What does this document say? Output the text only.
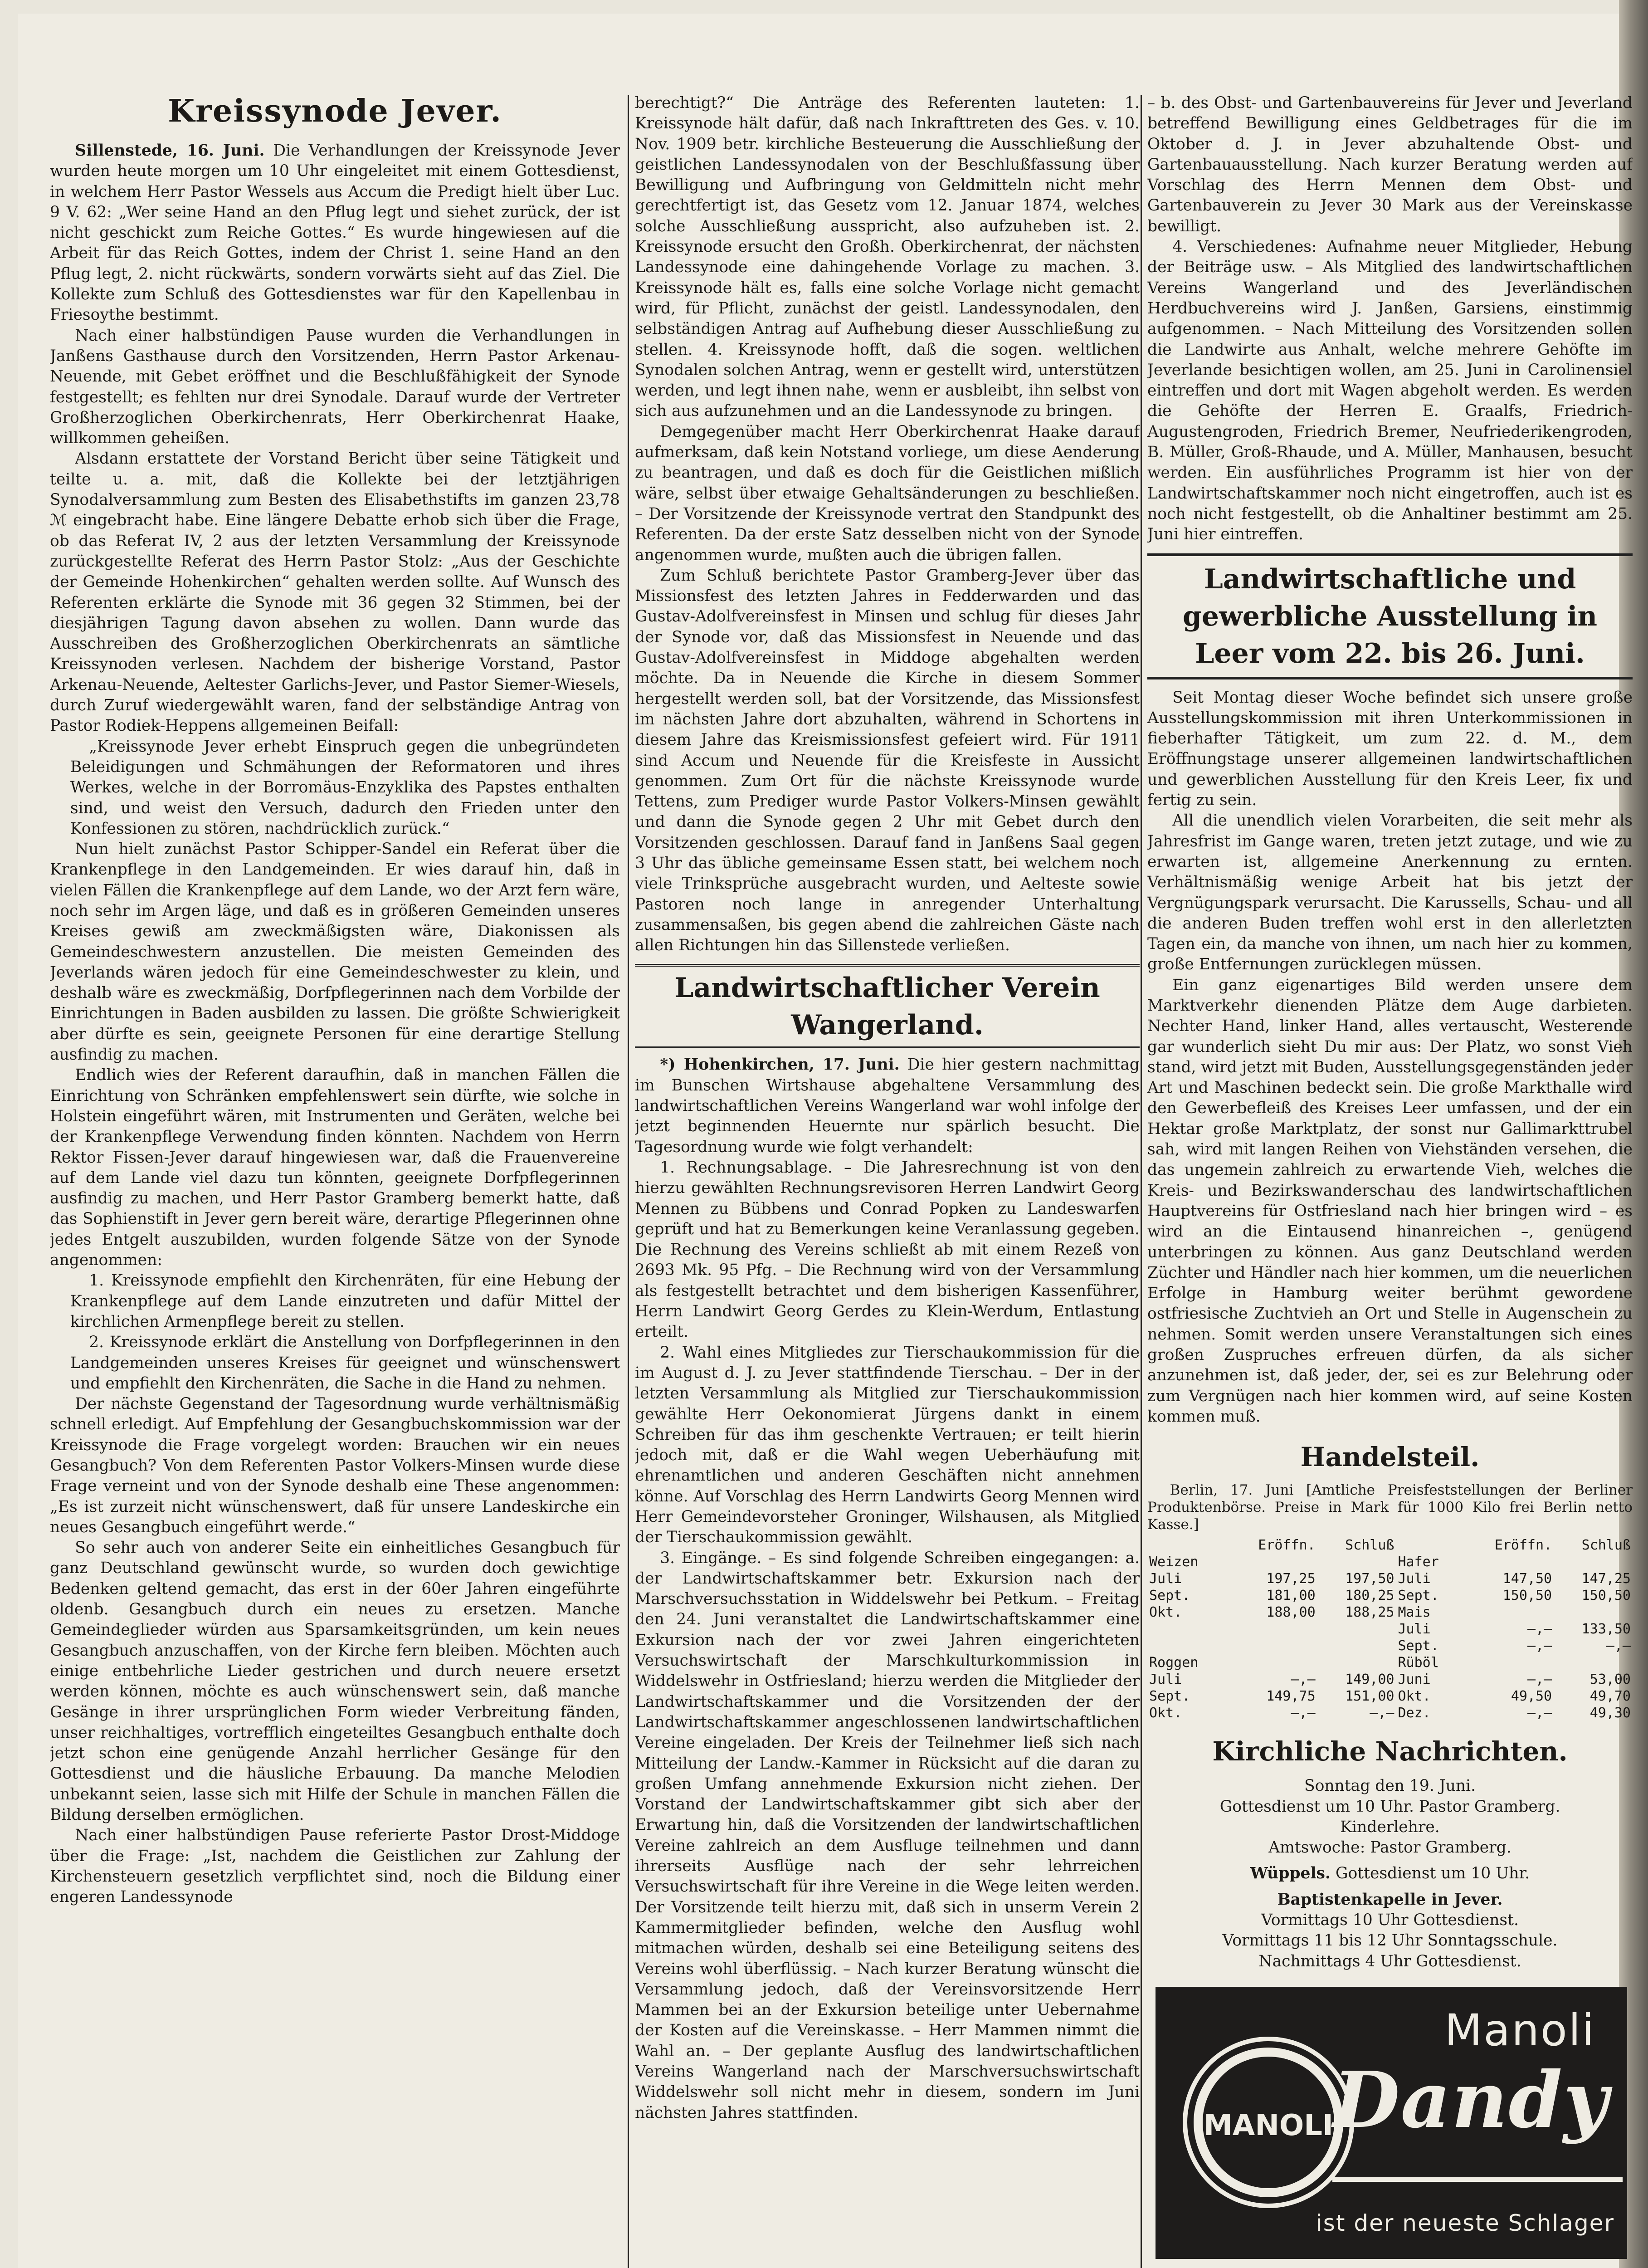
Kreissynode Jever.

Sillenstede, 16. Juni. Die Verhandlungen der Kreissynode Jever wurden heute morgen um 10 Uhr eingeleitet mit einem Gottesdienst, in welchem Herr Pastor Wessels aus Accum die Predigt hielt über Luc. 9 V. 62: „Wer seine Hand an den Pflug legt und siehet zurück, der ist nicht geschickt zum Reiche Gottes.“ Es wurde hingewiesen auf die Arbeit für das Reich Gottes, indem der Christ 1. seine Hand an den Pflug legt, 2. nicht rückwärts, sondern vorwärts sieht auf das Ziel. Die Kollekte zum Schluß des Gottesdienstes war für den Kapellenbau in Friesoythe bestimmt.

Nach einer halbstündigen Pause wurden die Verhandlungen in Janßens Gasthause durch den Vorsitzenden, Herrn Pastor Arkenau-Neuende, mit Gebet eröffnet und die Beschlußfähigkeit der Synode festgestellt; es fehlten nur drei Synodale. Darauf wurde der Vertreter Großherzoglichen Oberkirchenrats, Herr Oberkirchenrat Haake, willkommen geheißen.

Alsdann erstattete der Vorstand Bericht über seine Tätigkeit und teilte u. a. mit, daß die Kollekte bei der letztjährigen Synodalversammlung zum Besten des Elisabethstifts im ganzen 23,78 ℳ eingebracht habe. Eine längere Debatte erhob sich über die Frage, ob das Referat IV, 2 aus der letzten Versammlung der Kreissynode zurückgestellte Referat des Herrn Pastor Stolz: „Aus der Geschichte der Gemeinde Hohenkirchen“ gehalten werden sollte. Auf Wunsch des Referenten erklärte die Synode mit 36 gegen 32 Stimmen, bei der diesjährigen Tagung davon absehen zu wollen. Dann wurde das Ausschreiben des Großherzoglichen Oberkirchenrats an sämtliche Kreissynoden verlesen. Nachdem der bisherige Vorstand, Pastor Arkenau-Neuende, Aeltester Garlichs-Jever, und Pastor Siemer-Wiesels, durch Zuruf wiedergewählt waren, fand der selbständige Antrag von Pastor Rodiek-Heppens allgemeinen Beifall:

„Kreissynode Jever erhebt Einspruch gegen die unbegründeten Beleidigungen und Schmähungen der Reformatoren und ihres Werkes, welche in der Borromäus-Enzyklika des Papstes enthalten sind, und weist den Versuch, dadurch den Frieden unter den Konfessionen zu stören, nachdrücklich zurück.“

Nun hielt zunächst Pastor Schipper-Sandel ein Referat über die Krankenpflege in den Landgemeinden. Er wies darauf hin, daß in vielen Fällen die Krankenpflege auf dem Lande, wo der Arzt fern wäre, noch sehr im Argen läge, und daß es in größeren Gemeinden unseres Kreises gewiß am zweckmäßigsten wäre, Diakonissen als Gemeindeschwestern anzustellen. Die meisten Gemeinden des Jeverlands wären jedoch für eine Gemeindeschwester zu klein, und deshalb wäre es zweckmäßig, Dorfpflegerinnen nach dem Vorbilde der Einrichtungen in Baden ausbilden zu lassen. Die größte Schwierigkeit aber dürfte es sein, geeignete Personen für eine derartige Stellung ausfindig zu machen.

Endlich wies der Referent daraufhin, daß in manchen Fällen die Einrichtung von Schränken empfehlenswert sein dürfte, wie solche in Holstein eingeführt wären, mit Instrumenten und Geräten, welche bei der Krankenpflege Verwendung finden könnten. Nachdem von Herrn Rektor Fissen-Jever darauf hingewiesen war, daß die Frauenvereine auf dem Lande viel dazu tun könnten, geeignete Dorfpflegerinnen ausfindig zu machen, und Herr Pastor Gramberg bemerkt hatte, daß das Sophienstift in Jever gern bereit wäre, derartige Pflegerinnen ohne jedes Entgelt auszubilden, wurden folgende Sätze von der Synode angenommen:

1. Kreissynode empfiehlt den Kirchenräten, für eine Hebung der Krankenpflege auf dem Lande einzutreten und dafür Mittel der kirchlichen Armenpflege bereit zu stellen.

2. Kreissynode erklärt die Anstellung von Dorfpflegerinnen in den Landgemeinden unseres Kreises für geeignet und wünschenswert und empfiehlt den Kirchenräten, die Sache in die Hand zu nehmen.

Der nächste Gegenstand der Tagesordnung wurde verhältnismäßig schnell erledigt. Auf Empfehlung der Gesangbuchskommission war der Kreissynode die Frage vorgelegt worden: Brauchen wir ein neues Gesangbuch? Von dem Referenten Pastor Volkers-Minsen wurde diese Frage verneint und von der Synode deshalb eine These angenommen: „Es ist zurzeit nicht wünschenswert, daß für unsere Landeskirche ein neues Gesangbuch eingeführt werde.“

So sehr auch von anderer Seite ein einheitliches Gesangbuch für ganz Deutschland gewünscht wurde, so wurden doch gewichtige Bedenken geltend gemacht, das erst in der 60er Jahren eingeführte oldenb. Gesangbuch durch ein neues zu ersetzen. Manche Gemeindeglieder würden aus Sparsamkeitsgründen, um kein neues Gesangbuch anzuschaffen, von der Kirche fern bleiben. Möchten auch einige entbehrliche Lieder gestrichen und durch neuere ersetzt werden können, möchte es auch wünschenswert sein, daß manche Gesänge in ihrer ursprünglichen Form wieder Verbreitung fänden, unser reichhaltiges, vortrefflich eingeteiltes Gesangbuch enthalte doch jetzt schon eine genügende Anzahl herrlicher Gesänge für den Gottesdienst und die häusliche Erbauung. Da manche Melodien unbekannt seien, lasse sich mit Hilfe der Schule in manchen Fällen die Bildung derselben ermöglichen.

Nach einer halbstündigen Pause referierte Pastor Drost-Middoge über die Frage: „Ist, nachdem die Geistlichen zur Zahlung der Kirchensteuern gesetzlich verpflichtet sind, noch die Bildung einer engeren Landessynode

berechtigt?“ Die Anträge des Referenten lauteten: 1. Kreissynode hält dafür, daß nach Inkrafttreten des Ges. v. 10. Nov. 1909 betr. kirchliche Besteuerung die Ausschließung der geistlichen Landessynodalen von der Beschlußfassung über Bewilligung und Aufbringung von Geldmitteln nicht mehr gerechtfertigt ist, das Gesetz vom 12. Januar 1874, welches solche Ausschließung ausspricht, also aufzuheben ist. 2. Kreissynode ersucht den Großh. Oberkirchenrat, der nächsten Landessynode eine dahingehende Vorlage zu machen. 3. Kreissynode hält es, falls eine solche Vorlage nicht gemacht wird, für Pflicht, zunächst der geistl. Landessynodalen, den selbständigen Antrag auf Aufhebung dieser Ausschließung zu stellen. 4. Kreissynode hofft, daß die sogen. weltlichen Synodalen solchen Antrag, wenn er gestellt wird, unterstützen werden, und legt ihnen nahe, wenn er ausbleibt, ihn selbst von sich aus aufzunehmen und an die Landessynode zu bringen.

Demgegenüber macht Herr Oberkirchenrat Haake darauf aufmerksam, daß kein Notstand vorliege, um diese Aenderung zu beantragen, und daß es doch für die Geistlichen mißlich wäre, selbst über etwaige Gehaltsänderungen zu beschließen. – Der Vorsitzende der Kreissynode vertrat den Standpunkt des Referenten. Da der erste Satz desselben nicht von der Synode angenommen wurde, mußten auch die übrigen fallen.

Zum Schluß berichtete Pastor Gramberg-Jever über das Missionsfest des letzten Jahres in Fedderwarden und das Gustav-Adolfvereinsfest in Minsen und schlug für dieses Jahr der Synode vor, daß das Missionsfest in Neuende und das Gustav-Adolfvereinsfest in Middoge abgehalten werden möchte. Da in Neuende die Kirche in diesem Sommer hergestellt werden soll, bat der Vorsitzende, das Missionsfest im nächsten Jahre dort abzuhalten, während in Schortens in diesem Jahre das Kreismissionsfest gefeiert wird. Für 1911 sind Accum und Neuende für die Kreisfeste in Aussicht genommen. Zum Ort für die nächste Kreissynode wurde Tettens, zum Prediger wurde Pastor Volkers-Minsen gewählt und dann die Synode gegen 2 Uhr mit Gebet durch den Vorsitzenden geschlossen. Darauf fand in Janßens Saal gegen 3 Uhr das übliche gemeinsame Essen statt, bei welchem noch viele Trinksprüche ausgebracht wurden, und Aelteste sowie Pastoren noch lange in anregender Unterhaltung zusammensaßen, bis gegen abend die zahlreichen Gäste nach allen Richtungen hin das Sillenstede verließen.

Landwirtschaftlicher Verein Wangerland.

*) Hohenkirchen, 17. Juni. Die hier gestern nachmittag im Bunschen Wirtshause abgehaltene Versammlung des landwirtschaftlichen Vereins Wangerland war wohl infolge der jetzt beginnenden Heuernte nur spärlich besucht. Die Tagesordnung wurde wie folgt verhandelt:

1. Rechnungsablage. – Die Jahresrechnung ist von den hierzu gewählten Rechnungsrevisoren Herren Landwirt Georg Mennen zu Bübbens und Conrad Popken zu Landeswarfen geprüft und hat zu Bemerkungen keine Veranlassung gegeben. Die Rechnung des Vereins schließt ab mit einem Rezeß von 2693 Mk. 95 Pfg. – Die Rechnung wird von der Versammlung als festgestellt betrachtet und dem bisherigen Kassenführer, Herrn Landwirt Georg Gerdes zu Klein-Werdum, Entlastung erteilt.

2. Wahl eines Mitgliedes zur Tierschaukommission für die im August d. J. zu Jever stattfindende Tierschau. – Der in der letzten Versammlung als Mitglied zur Tierschaukommission gewählte Herr Oekonomierat Jürgens dankt in einem Schreiben für das ihm geschenkte Vertrauen; er teilt hierin jedoch mit, daß er die Wahl wegen Ueberhäufung mit ehrenamtlichen und anderen Geschäften nicht annehmen könne. Auf Vorschlag des Herrn Landwirts Georg Mennen wird Herr Gemeindevorsteher Groninger, Wilshausen, als Mitglied der Tierschaukommission gewählt.

3. Eingänge. – Es sind folgende Schreiben eingegangen: a. der Landwirtschaftskammer betr. Exkursion nach der Marschversuchsstation in Widdelswehr bei Petkum. – Freitag den 24. Juni veranstaltet die Landwirtschaftskammer eine Exkursion nach der vor zwei Jahren eingerichteten Versuchswirtschaft der Marschkulturkommission in Widdelswehr in Ostfriesland; hierzu werden die Mitglieder der Landwirtschaftskammer und die Vorsitzenden der der Landwirtschaftskammer angeschlossenen landwirtschaftlichen Vereine eingeladen. Der Kreis der Teilnehmer ließ sich nach Mitteilung der Landw.-Kammer in Rücksicht auf die daran zu großen Umfang annehmende Exkursion nicht ziehen. Der Vorstand der Landwirtschaftskammer gibt sich aber der Erwartung hin, daß die Vorsitzenden der landwirtschaftlichen Vereine zahlreich an dem Ausfluge teilnehmen und dann ihrerseits Ausflüge nach der sehr lehrreichen Versuchswirtschaft für ihre Vereine in die Wege leiten werden. Der Vorsitzende teilt hierzu mit, daß sich in unserm Verein 2 Kammermitglieder befinden, welche den Ausflug wohl mitmachen würden, deshalb sei eine Beteiligung seitens des Vereins wohl überflüssig. – Nach kurzer Beratung wünscht die Versammlung jedoch, daß der Vereinsvorsitzende Herr Mammen bei an der Exkursion beteilige unter Uebernahme der Kosten auf die Vereinskasse. – Herr Mammen nimmt die Wahl an. – Der geplante Ausflug des landwirtschaftlichen Vereins Wangerland nach der Marschversuchswirtschaft Widdelswehr soll nicht mehr in diesem, sondern im Juni nächsten Jahres stattfinden.

– b. des Obst- und Gartenbauvereins für Jever und Jeverland betreffend Bewilligung eines Geldbetrages für die im Oktober d. J. in Jever abzuhaltende Obst- und Gartenbauausstellung. Nach kurzer Beratung werden auf Vorschlag des Herrn Mennen dem Obst- und Gartenbauverein zu Jever 30 Mark aus der Vereinskasse bewilligt.

4. Verschiedenes: Aufnahme neuer Mitglieder, Hebung der Beiträge usw. – Als Mitglied des landwirtschaftlichen Vereins Wangerland und des Jeverländischen Herdbuchvereins wird J. Janßen, Garsiens, einstimmig aufgenommen. – Nach Mitteilung des Vorsitzenden sollen die Landwirte aus Anhalt, welche mehrere Gehöfte im Jeverlande besichtigen wollen, am 25. Juni in Carolinensiel eintreffen und dort mit Wagen abgeholt werden. Es werden die Gehöfte der Herren E. Graalfs, Friedrich-Augustengroden, Friedrich Bremer, Neufriederikengroden, B. Müller, Groß-Rhaude, und A. Müller, Manhausen, besucht werden. Ein ausführliches Programm ist hier von der Landwirtschaftskammer noch nicht eingetroffen, auch ist es noch nicht festgestellt, ob die Anhaltiner bestimmt am 25. Juni hier eintreffen.

Landwirtschaftliche und gewerbliche Ausstellung in Leer vom 22. bis 26. Juni.

Seit Montag dieser Woche befindet sich unsere große Ausstellungskommission mit ihren Unterkommissionen in fieberhafter Tätigkeit, um zum 22. d. M., dem Eröffnungstage unserer allgemeinen landwirtschaftlichen und gewerblichen Ausstellung für den Kreis Leer, fix und fertig zu sein.

All die unendlich vielen Vorarbeiten, die seit mehr als Jahresfrist im Gange waren, treten jetzt zutage, und wie zu erwarten ist, allgemeine Anerkennung zu ernten. Verhältnismäßig wenige Arbeit hat bis jetzt der Vergnügungspark verursacht. Die Karussells, Schau- und all die anderen Buden treffen wohl erst in den allerletzten Tagen ein, da manche von ihnen, um nach hier zu kommen, große Entfernungen zurücklegen müssen.

Ein ganz eigenartiges Bild werden unsere dem Marktverkehr dienenden Plätze dem Auge darbieten. Nechter Hand, linker Hand, alles vertauscht, Westerende gar wunderlich sieht Du mir aus: Der Platz, wo sonst Vieh stand, wird jetzt mit Buden, Ausstellungsgegenständen jeder Art und Maschinen bedeckt sein. Die große Markthalle wird den Gewerbefleiß des Kreises Leer umfassen, und der ein Hektar große Marktplatz, der sonst nur Gallimarkttrubel sah, wird mit langen Reihen von Viehständen versehen, die das ungemein zahlreich zu erwartende Vieh, welches die Kreis- und Bezirkswanderschau des landwirtschaftlichen Hauptvereins für Ostfriesland nach hier bringen wird – es wird an die Eintausend hinanreichen –, genügend unterbringen zu können. Aus ganz Deutschland werden Züchter und Händler nach hier kommen, um die neuerlichen Erfolge in Hamburg weiter berühmt gewordene ostfriesische Zuchtvieh an Ort und Stelle in Augenschein zu nehmen. Somit werden unsere Veranstaltungen sich eines großen Zuspruches erfreuen dürfen, da als sicher anzunehmen ist, daß jeder, der, sei es zur Belehrung oder zum Vergnügen nach hier kommen wird, auf seine Kosten kommen muß.

Handelsteil.

Berlin, 17. Juni [Amtliche Preisfeststellungen der Berliner Produktenbörse. Preise in Mark für 1000 Kilo frei Berlin netto Kasse.]

	Eröffn.	Schluß		Eröffn.	Schluß
Weizen			Hafer		
Juli	197,25	197,50	Juli	147,50	147,25
Sept.	181,00	180,25	Sept.	150,50	150,50
Okt.	188,00	188,25	Mais		
			Juli	–,–	133,50
			Sept.	–,–	–,–
Roggen			Rüböl		
Juli	–,–	149,00	Juni	–,–	53,00
Sept.	149,75	151,00	Okt.	49,50	49,70
Okt.	–,–	–,–	Dez.	–,–	49,30
Kirchliche Nachrichten.

Sonntag den 19. Juni.

Gottesdienst um 10 Uhr. Pastor Gramberg.

Kinderlehre.

Amtswoche: Pastor Gramberg.

Wüppels. Gottesdienst um 10 Uhr.

Baptistenkapelle in Jever.

Vormittags 10 Uhr Gottesdienst.

Vormittags 11 bis 12 Uhr Sonntagsschule.

Nachmittags 4 Uhr Gottesdienst.

MANOLI
Manoli
Dandy
ist der neueste Schlager
